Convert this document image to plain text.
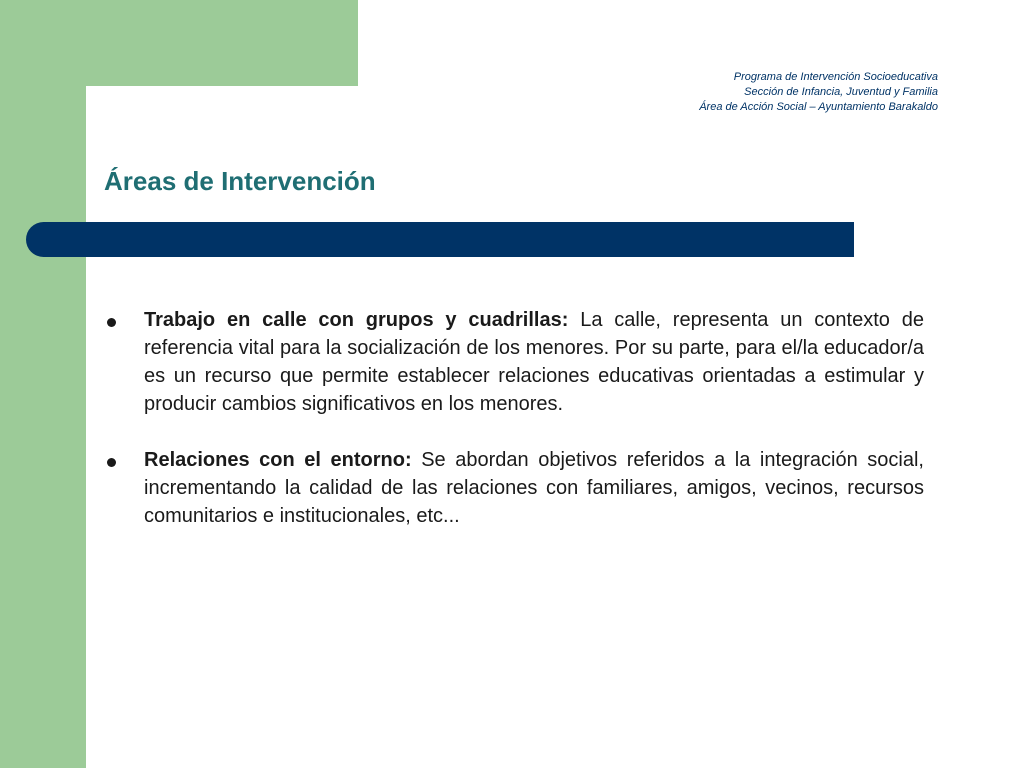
Programa de Intervención Socioeducativa
Sección de Infancia, Juventud y Familia
Área de Acción Social – Ayuntamiento Barakaldo
Áreas de Intervención
Trabajo en calle con grupos y cuadrillas: La calle, representa un contexto de referencia vital para la socialización de los menores. Por su parte, para el/la educador/a es un recurso que permite establecer relaciones educativas orientadas a estimular y producir cambios significativos en los menores.
Relaciones con el entorno: Se abordan objetivos referidos a la integración social, incrementando la calidad de las relaciones con familiares, amigos, vecinos, recursos comunitarios e institucionales, etc...
